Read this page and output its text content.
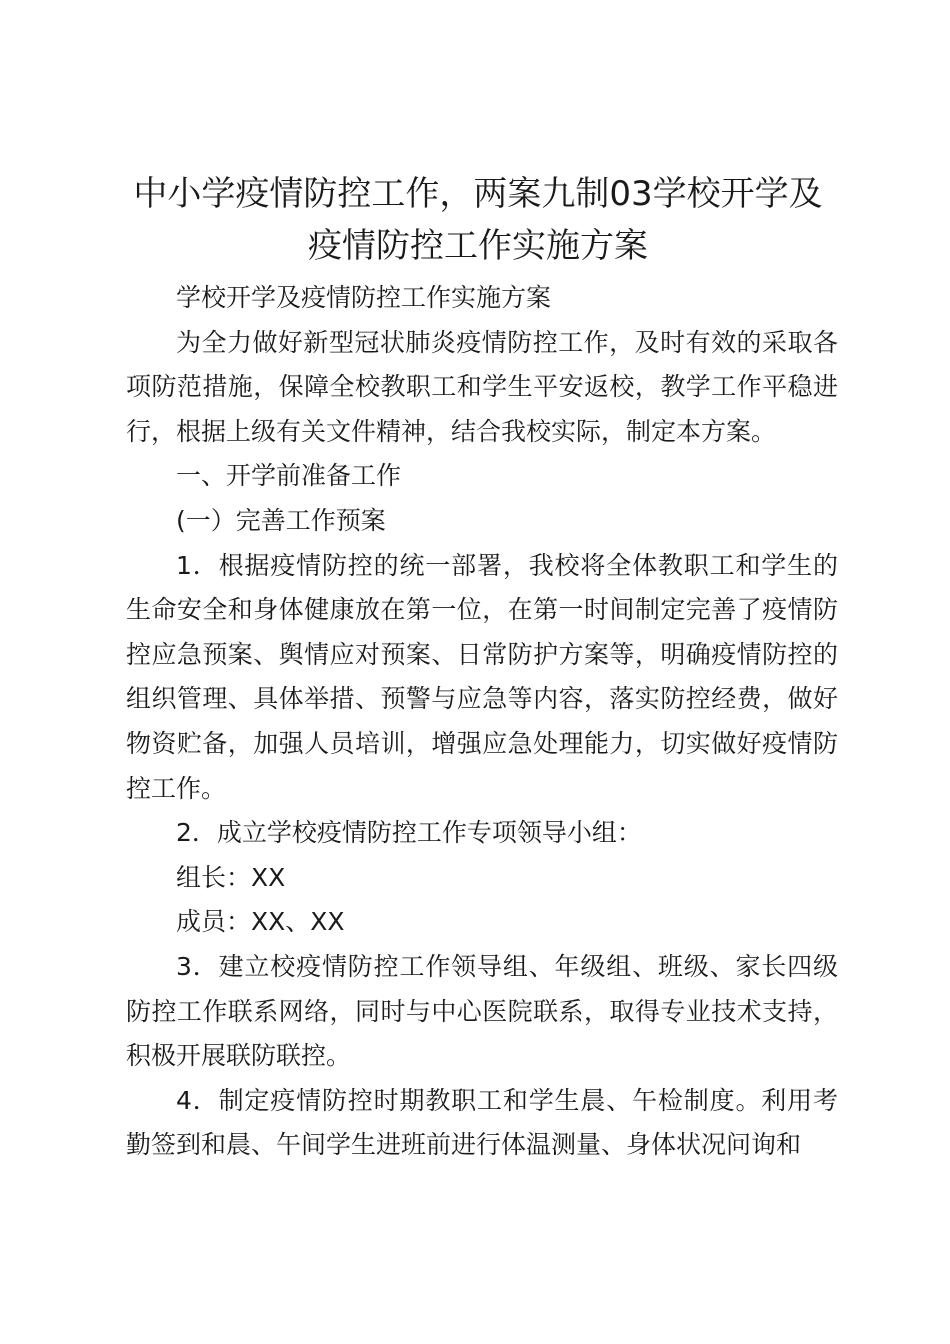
中小学疫情防控工作，两案九制03学校开学及疫情防控工作实施方案

学校开学及疫情防控工作实施方案

为全力做好新型冠状肺炎疫情防控工作，及时有效的采取各项防范措施，保障全校教职工和学生平安返校，教学工作平稳进行，根据上级有关文件精神，结合我校实际，制定本方案。

一、开学前准备工作

(一）完善工作预案

1．根据疫情防控的统一部署，我校将全体教职工和学生的生命安全和身体健康放在第一位，在第一时间制定完善了疫情防控应急预案、舆情应对预案、日常防护方案等，明确疫情防控的组织管理、具体举措、预警与应急等内容，落实防控经费，做好物资贮备，加强人员培训，增强应急处理能力，切实做好疫情防控工作。

2．成立学校疫情防控工作专项领导小组：

组长：XX

成员：XX、XX

3．建立校疫情防控工作领导组、年级组、班级、家长四级防控工作联系网络，同时与中心医院联系，取得专业技术支持，积极开展联防联控。

4．制定疫情防控时期教职工和学生晨、午检制度。利用考勤签到和晨、午间学生进班前进行体温测量、身体状况问询和
